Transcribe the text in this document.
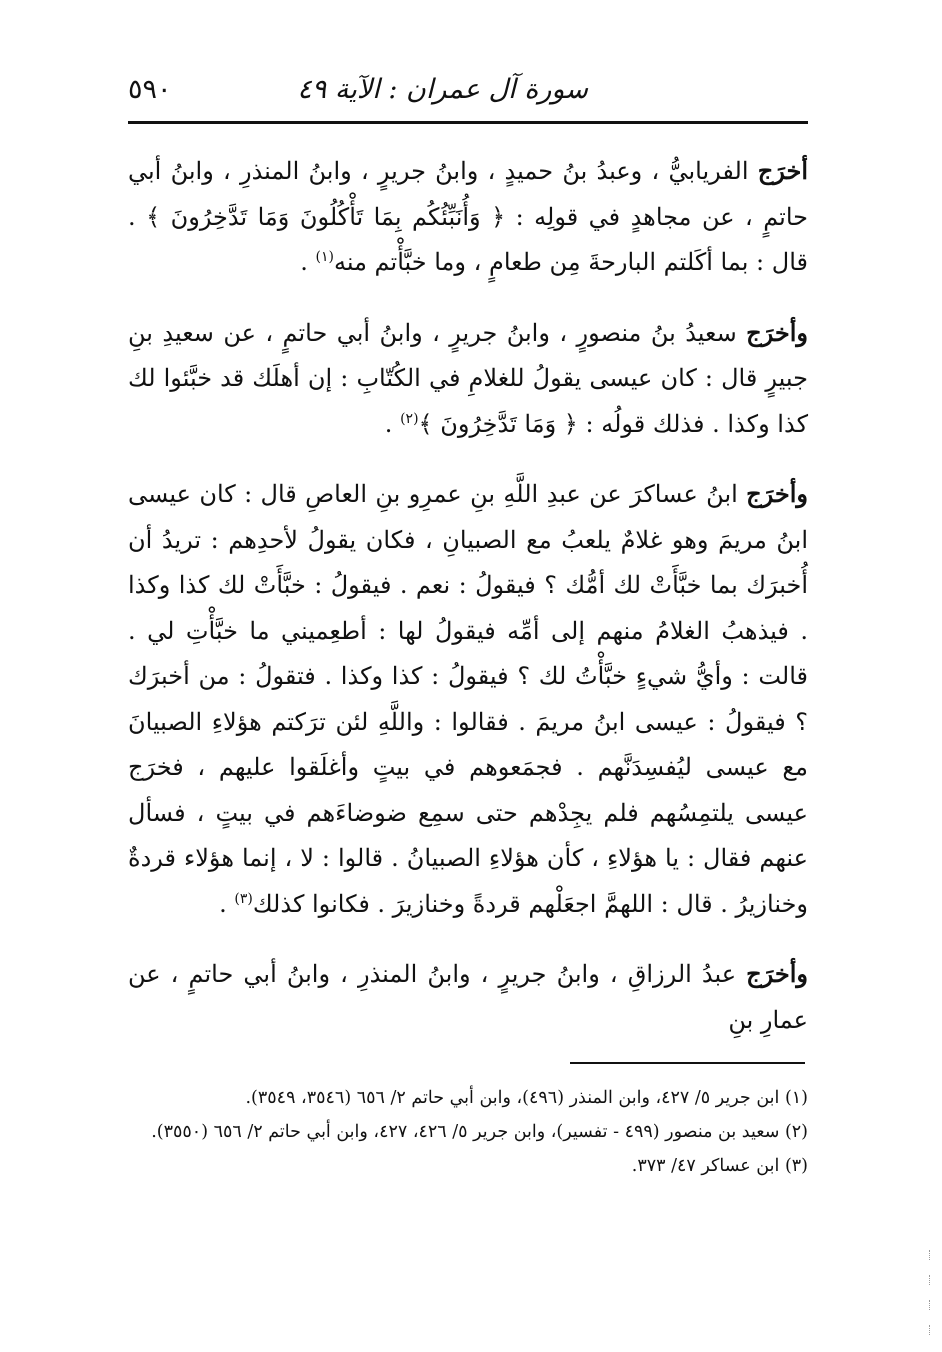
٥٩٠	سورة آل عمران : الآية ٤٩

أخرَج الفريابيُّ ، وعبدُ بنُ حميدٍ ، وابنُ جريرٍ ، وابنُ المنذرِ ، وابنُ أبي حاتمٍ ، عن مجاهدٍ في قولِه : ﴿ وَأُنَبِّئُكُم بِمَا تَأْكُلُونَ وَمَا تَدَّخِرُونَ ﴾ . قال : بما أكَلتم البارحةَ مِن طعامٍ ، وما خبَّأْتم منه$^{(١)}$ .

وأخرَج سعيدُ بنُ منصورٍ ، وابنُ جريرٍ ، وابنُ أبي حاتمٍ ، عن سعيدِ بنِ جبيرٍ قال : كان عيسى يقولُ للغلامِ في الكُتّابِ : إن أهلَك قد خبَّئوا لك كذا وكذا . فذلك قولُه : ﴿ وَمَا تَدَّخِرُونَ ﴾$^{(٢)}$ .

وأخرَج ابنُ عساكرَ عن عبدِ اللَّهِ بنِ عمرِو بنِ العاصِ قال : كان عيسى ابنُ مريمَ وهو غلامٌ يلعبُ مع الصبيانِ ، فكان يقولُ لأحدِهم : تريدُ أن أُخبرَك بما خبَّأَتْ لك أمُّك ؟ فيقولُ : نعم . فيقولُ : خبَّأَتْ لك كذا وكذا . فيذهبُ الغلامُ منهم إلى أمِّه فيقولُ لها : أطعِميني ما خبَّأْتِ لي . قالت : وأيُّ شيءٍ خبَّأْتُ لك ؟ فيقولُ : كذا وكذا . فتقولُ : من أخبرَك ؟ فيقولُ : عيسى ابنُ مريمَ . فقالوا : واللَّهِ لئن ترَكتم هؤلاءِ الصبيانَ مع عيسى ليُفسِدَنَّهم . فجمَعوهم في بيتٍ وأغلَقوا عليهم ، فخرَج عيسى يلتمِسُهم فلم يجِدْهم حتى سمِع ضوضاءَهم في بيتٍ ، فسأل عنهم فقال : يا هؤلاءِ ، كأن هؤلاءِ الصبيانُ . قالوا : لا ، إنما هؤلاء قردةٌ وخنازيرُ . قال : اللهمَّ اجعَلْهم قردةً وخنازيرَ . فكانوا كذلك$^{(٣)}$ .

وأخرَج عبدُ الرزاقِ ، وابنُ جريرٍ ، وابنُ المنذرِ ، وابنُ أبي حاتمٍ ، عن عمارِ بنِ

(١) ابن جرير ٥/ ٤٢٧، وابن المنذر (٤٩٦)، وابن أبي حاتم ٢/ ٦٥٦ (٣٥٤٦، ٣٥٤٩).

(٢) سعيد بن منصور (٤٩٩ - تفسير)، وابن جرير ٥/ ٤٢٦، ٤٢٧، وابن أبي حاتم ٢/ ٦٥٦ (٣٥٥٠).

(٣) ابن عساكر ٤٧/ ٣٧٣.
